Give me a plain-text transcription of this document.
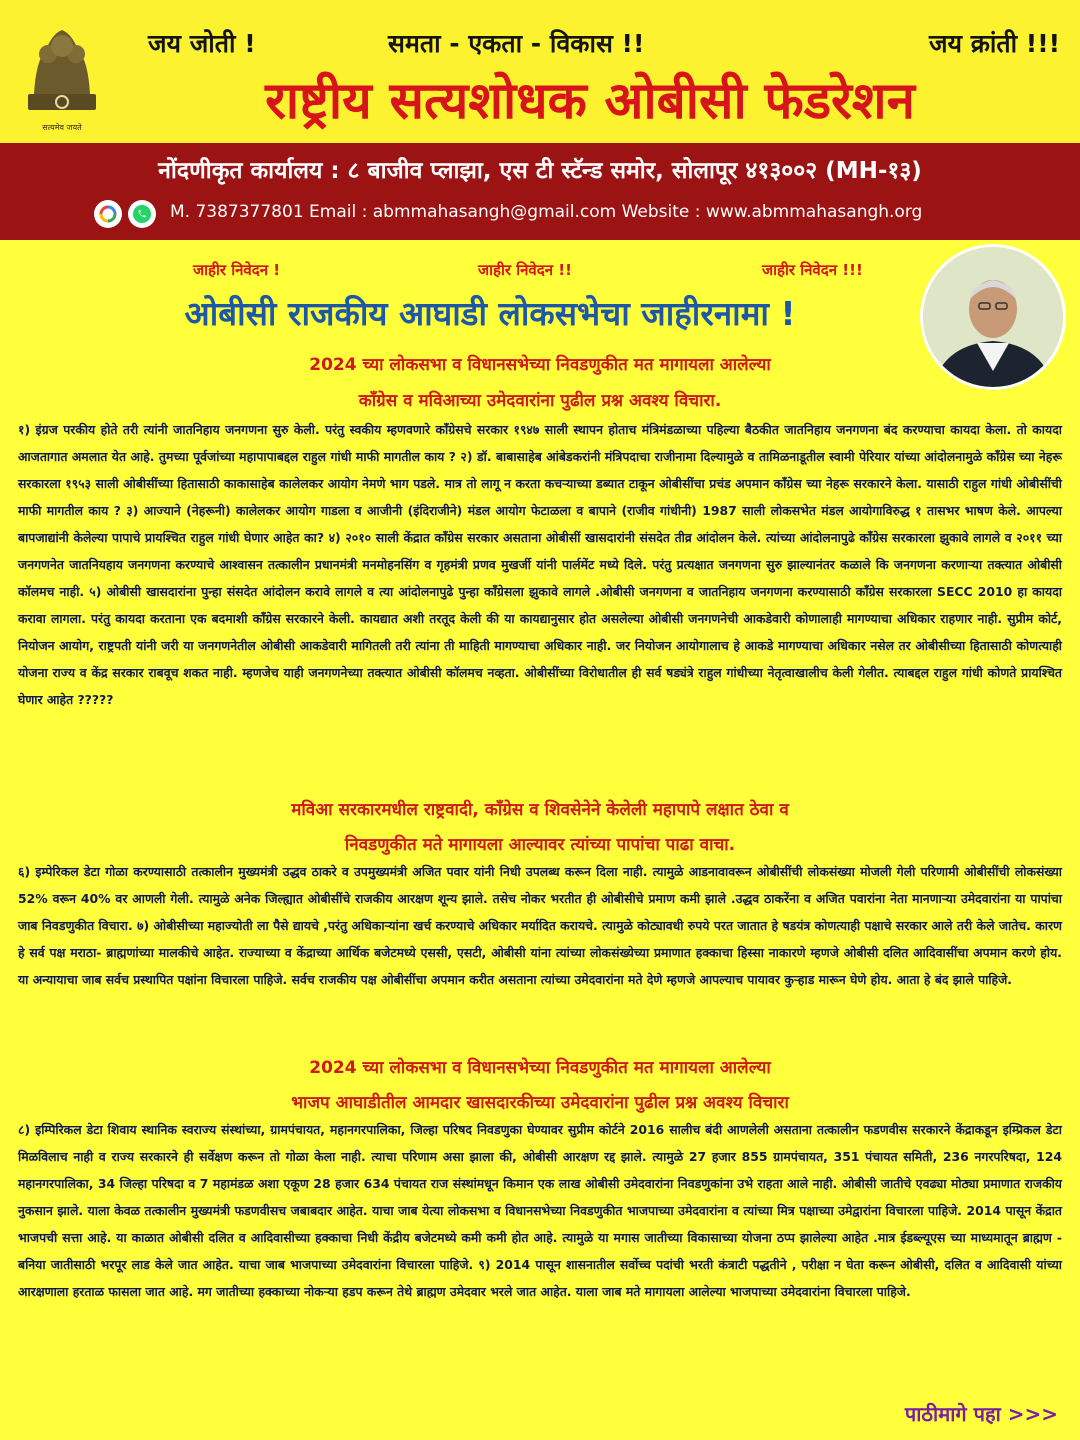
सत्यमेव जयते
जय जोती !	समता - एकता - विकास !!	जय क्रांती !!!
राष्ट्रीय सत्यशोधक ओबीसी फेडरेशन
नोंदणीकृत कार्यालय : ८ बाजीव प्लाझा, एस टी स्टॅन्ड समोर, सोलापूर ४१३००२ (MH-१३)
M. 7387377801 Email : abmmahasangh@gmail.com Website : www.abmmahasangh.org
जाहीर निवेदन !	जाहीर निवेदन !!	जाहीर निवेदन !!!
ओबीसी राजकीय आघाडी लोकसभेचा जाहीरनामा !
2024 च्या लोकसभा व विधानसभेच्या निवडणुकीत मत मागायला आलेल्या
कॉंग्रेस व मविआच्या उमेदवारांना पुढील प्रश्न अवश्य विचारा.

१) इंग्रज परकीय होते तरी त्यांनी जातनिहाय जनगणना सुरु केली. परंतु स्वकीय म्हणवणारे कॉंग्रेसचे सरकार १९४७ साली स्थापन होताच मंत्रिमंडळाच्या पहिल्या बैठकीत जातनिहाय जनगणना बंद करण्याचा कायदा केला. तो कायदा आजतागात अमलात येत आहे. तुमच्या पूर्वजांच्या महापापाबद्दल राहुल गांधी माफी मागतील काय ? २) डॉ. बाबासाहेब आंबेडकरांनी मंत्रिपदाचा राजीनामा दिल्यामुळे व तामिळनाडूतील स्वामी पेरियार यांच्या आंदोलनामुळे कॉंग्रेस च्या नेहरू सरकारला १९५३ साली ओबीसींच्या हितासाठी काकासाहेब कालेलकर आयोग नेमणे भाग पडले. मात्र तो लागू न करता कचऱ्याच्या डब्यात टाकून ओबीसींचा प्रचंड अपमान कॉंग्रेस च्या नेहरू सरकारने केला. यासाठी राहुल गांधी ओबीसींची माफी मागतील काय ? ३) आज्याने (नेहरूनी) कालेलकर आयोग गाडला व आजीनी (इंदिराजीने) मंडल आयोग फेटाळला व बापाने (राजीव गांधीनी) 1987 साली लोकसभेत मंडल आयोगाविरुद्ध १ तासभर भाषण केले. आपल्या बापजाद्यांनी केलेल्या पापाचे प्रायश्चित राहुल गांधी घेणार आहेत का? ४) २०१० साली केंद्रात कॉंग्रेस सरकार असताना ओबीसीं खासदारांनी संसदेत तीव्र आंदोलन केले. त्यांच्या आंदोलनापुढे कॉंग्रेस सरकारला झुकावे लागले व २०११ च्या जनगणनेत जातनियहाय जनगणना करण्याचे आश्वासन तत्कालीन प्रधानमंत्री मनमोहनसिंग व गृहमंत्री प्रणव मुखर्जी यांनी पार्लमेंट मध्ये दिले. परंतु प्रत्यक्षात जनगणना सुरु झाल्यानंतर कळाले कि जनगणना करणाऱ्या तक्त्यात ओबीसी कॉलमच नाही. ५) ओबीसी खासदारांना पुन्हा संसदेत आंदोलन करावे लागले व त्या आंदोलनापुढे पुन्हा कॉंग्रेसला झुकावे लागले .ओबीसी जनगणना व जातनिहाय जनगणना करण्यासाठी कॉंग्रेस सरकारला SECC 2010 हा कायदा करावा लागला. परंतु कायदा करताना एक बदमाशी कॉंग्रेस सरकारने केली. कायद्यात अशी तरतूद केली की या कायद्यानुसार होत असलेल्या ओबीसी जनगणनेची आकडेवारी कोणालाही मागण्याचा अधिकार राहणार नाही. सुप्रीम कोर्ट, नियोजन आयोग, राष्ट्रपती यांनी जरी या जनगणनेतील ओबीसी आकडेवारी मागितली तरी त्यांना ती माहिती मागण्याचा अधिकार नाही. जर नियोजन आयोगालाच हे आकडे मागण्याचा अधिकार नसेल तर ओबीसीच्या हितासाठी कोणत्याही योजना राज्य व केंद्र सरकार राबवूच शकत नाही. म्हणजेच याही जनगणनेच्या तक्त्यात ओबीसी कॉलमच नव्हता. ओबीसींच्या विरोधातील ही सर्व षड्यंत्रे राहुल गांधीच्या नेतृत्वाखालीच केली गेलीत. त्याबद्दल राहुल गांधी कोणते प्रायश्चित घेणार आहेत ?????

मविआ सरकारमधील राष्ट्रवादी, कॉंग्रेस व शिवसेनेने केलेली महापापे लक्षात ठेवा व
निवडणुकीत मते मागायला आल्यावर त्यांच्या पापांचा पाढा वाचा.

६) इम्पेरिकल डेटा गोळा करण्यासाठी तत्कालीन मुख्यमंत्री उद्धव ठाकरे व उपमुख्यमंत्री अजित पवार यांनी निधी उपलब्ध करून दिला नाही. त्यामुळे आडनावावरून ओबीसींची लोकसंख्या मोजली गेली परिणामी ओबीसींची लोकसंख्या 52% वरून 40% वर आणली गेली. त्यामुळे अनेक जिल्ह्यात ओबीसींचे राजकीय आरक्षण शून्य झाले. तसेच नोकर भरतीत ही ओबीसीचे प्रमाण कमी झाले .उद्धव ठाकरेंना व अजित पवारांना नेता मानणाऱ्या उमेदवारांना या पापांचा जाब निवडणुकीत विचारा. ७) ओबीसीच्या महाज्योती ला पैसे द्यायचे ,परंतु अधिकाऱ्यांना खर्च करण्याचे अधिकार मर्यादित करायचे. त्यामुळे कोट्यावधी रुपये परत जातात हे षडयंत्र कोणत्याही पक्षाचे सरकार आले तरी केले जातेच. कारण हे सर्व पक्ष मराठा- ब्राह्मणांच्या मालकीचे आहेत. राज्याच्या व केंद्राच्या आर्थिक बजेटमध्ये एससी, एसटी, ओबीसी यांना त्यांच्या लोकसंख्येच्या प्रमाणात हक्काचा हिस्सा नाकारणे म्हणजे ओबीसी दलित आदिवासींचा अपमान करणे होय. या अन्यायाचा जाब सर्वच प्रस्थापित पक्षांना विचारला पाहिजे. सर्वच राजकीय पक्ष ओबीसींचा अपमान करीत असताना त्यांच्या उमेदवारांना मते देणे म्हणजे आपल्याच पायावर कुऱ्हाड मारून घेणे होय. आता हे बंद झाले पाहिजे.

2024 च्या लोकसभा व विधानसभेच्या निवडणुकीत मत मागायला आलेल्या
भाजप आघाडीतील आमदार खासदारकीच्या उमेदवारांना पुढील प्रश्न अवश्य विचारा

८) इम्पिरिकल डेटा शिवाय स्थानिक स्वराज्य संस्थांच्या, ग्रामपंचायत, महानगरपालिका, जिल्हा परिषद निवडणुका घेण्यावर सुप्रीम कोर्टने 2016 सालीच बंदी आणलेली असताना तत्कालीन फडणवीस सरकारने केंद्राकडून इम्प्रिकल डेटा मिळविलाच नाही व राज्य सरकारने ही सर्वेक्षण करून तो गोळा केला नाही. त्याचा परिणाम असा झाला की, ओबीसी आरक्षण रद्द झाले. त्यामुळे 27 हजार 855 ग्रामपंचायत, 351 पंचायत समिती, 236 नगरपरिषदा, 124 महानगरपालिका, 34 जिल्हा परिषदा व 7 महामंडळ अशा एकूण 28 हजार 634 पंचायत राज संस्थांमधून किमान एक लाख ओबीसी उमेदवारांना निवडणुकांना उभे राहता आले नाही. ओबीसी जातीचे एवढ्या मोठ्या प्रमाणात राजकीय नुकसान झाले. याला केवळ तत्कालीन मुख्यमंत्री फडणवीसच जबाबदार आहेत. याचा जाब येत्या लोकसभा व विधानसभेच्या निवडणुकीत भाजपाच्या उमेदवारांना व त्यांच्या मित्र पक्षाच्या उमेद्वारांना विचारला पाहिजे. 2014 पासून केंद्रात भाजपची सत्ता आहे. या काळात ओबीसी दलित व आदिवासीच्या हक्काचा निधी केंद्रीय बजेटमध्ये कमी कमी होत आहे. त्यामुळे या मगास जातीच्या विकासाच्या योजना ठप्प झालेल्या आहेत .मात्र ईडब्ल्यूएस च्या माध्यमातून ब्राह्मण - बनिया जातीसाठी भरपूर लाड केले जात आहेत. याचा जाब भाजपाच्या उमेदवारांना विचारला पाहिजे. ९) 2014 पासून शासनातील सर्वोच्च पदांची भरती कंत्राटी पद्धतीने , परीक्षा न घेता करून ओबीसी, दलित व आदिवासी यांच्या आरक्षणाला हरताळ फासला जात आहे. मग जातीच्या हक्काच्या नोकऱ्या हडप करून तेथे ब्राह्मण उमेदवार भरले जात आहेत. याला जाब मते मागायला आलेल्या भाजपाच्या उमेदवारांना विचारला पाहिजे.

पाठीमागे पहा >>>
